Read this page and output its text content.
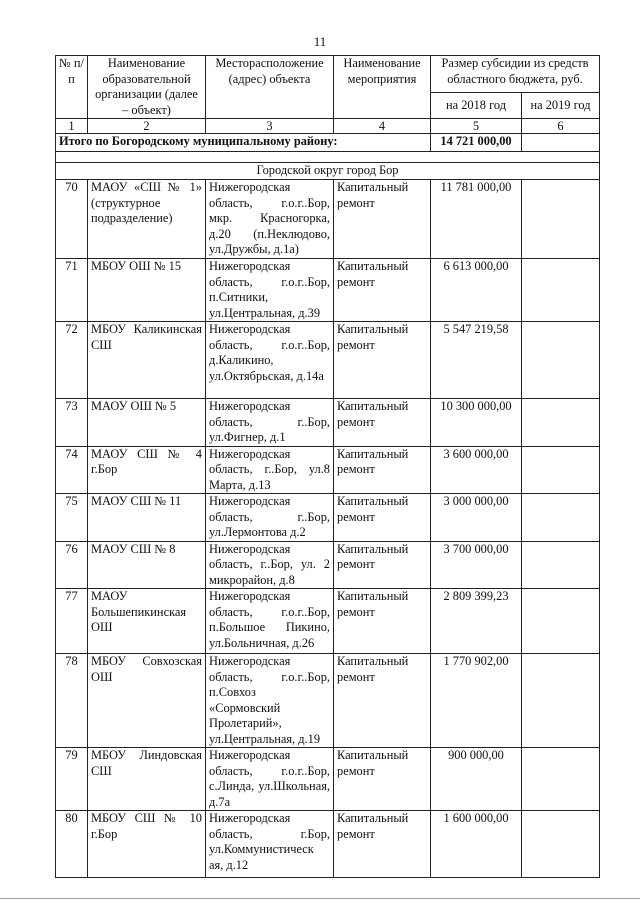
11
№ п/п	Наименование образовательной организации (далее – объект)	Месторасположение (адрес) объекта	Наименование мероприятия	Размер субсидии из средств областного бюджета, руб.	
				на 2018 год	на 2019 год
1	2	3	4	5	6
Итого по Богородскому муниципальному району:				14 721 000,00	

Городской округ город Бор					
70	МАОУ «СШ № 1» (структурное подразделение)	Нижегородская область, г.о.г..Бор, мкр. Красногорка, д.20 (п.Неклюдово, ул.Дружбы, д.1а)	Капитальный ремонт	11 781 000,00	
71	МБОУ ОШ № 15	Нижегородская область, г.о.г..Бор, п.Ситники, ул.Центральная, д.39	Капитальный ремонт	6 613 000,00	
72	МБОУ Каликинская СШ	Нижегородская область, г.о.г..Бор, д.Каликино, ул.Октябрьская, д.14а	Капитальный ремонт	5 547 219,58	
73	МАОУ ОШ № 5	Нижегородская область, г..Бор, ул.Фигнер, д.1	Капитальный ремонт	10 300 000,00	
74	МАОУ СШ № 4 г.Бор	Нижегородская область, г..Бор, ул.8 Марта, д.13	Капитальный ремонт	3 600 000,00	
75	МАОУ СШ № 11	Нижегородская область, г..Бор, ул.Лермонтова д.2	Капитальный ремонт	3 000 000,00	
76	МАОУ СШ № 8	Нижегородская область, г..Бор, ул. 2 микрорайон, д.8	Капитальный ремонт	3 700 000,00	
77	МАОУ Большепикинская ОШ	Нижегородская область, г.о.г..Бор, п.Большое Пикино, ул.Больничная, д.26	Капитальный ремонт	2 809 399,23	
78	МБОУ Совхозская ОШ	Нижегородская область, г.о.г..Бор, п.Совхоз «Сормовский Пролетарий», ул.Центральная, д.19	Капитальный ремонт	1 770 902,00	
79	МБОУ Линдовская СШ	Нижегородская область, г.о.г..Бор, с.Линда, ул.Школьная, д.7а	Капитальный ремонт	900 000,00	
80	МБОУ СШ № 10 г.Бор	Нижегородская область, г.Бор, ул.Коммунистическ ая, д.12	Капитальный ремонт	1 600 000,00	
